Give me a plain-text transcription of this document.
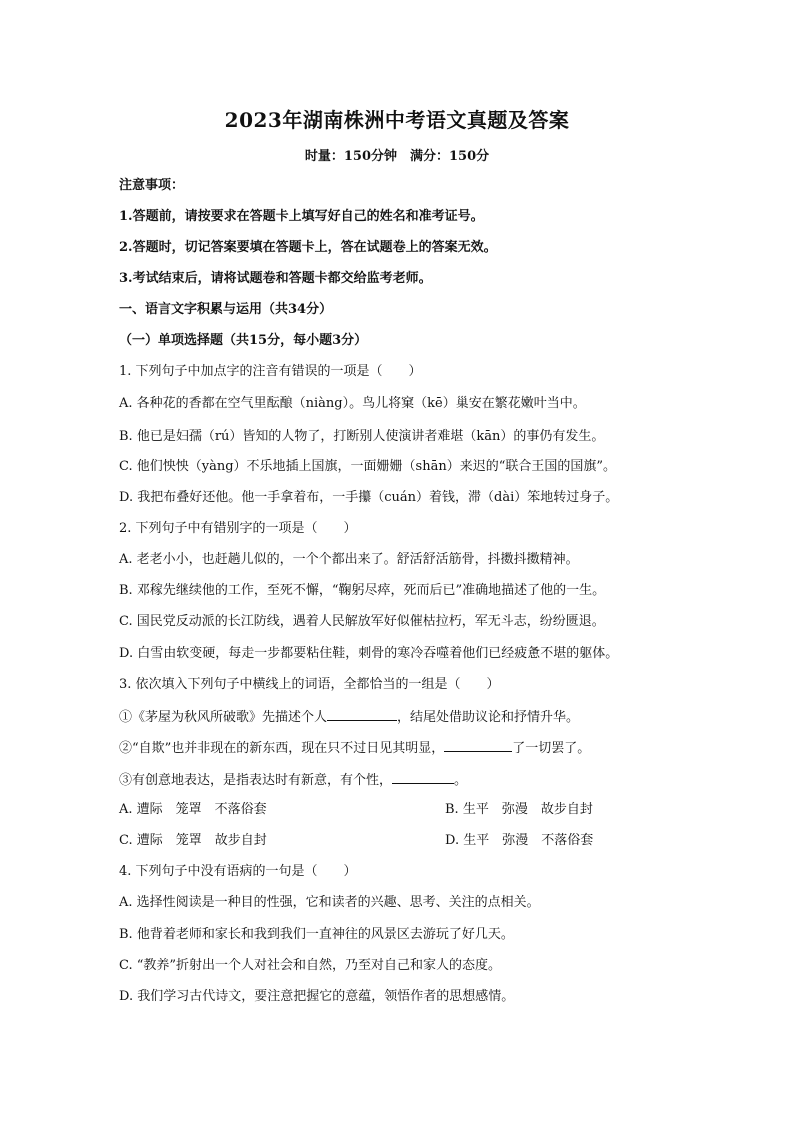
2023年湖南株洲中考语文真题及答案
时量：150分钟　满分：150分
注意事项：
1.答题前，请按要求在答题卡上填写好自己的姓名和准考证号。
2.答题时，切记答案要填在答题卡上，答在试题卷上的答案无效。
3.考试结束后，请将试题卷和答题卡都交给监考老师。
一、语言文字积累与运用（共34分）
（一）单项选择题（共15分，每小题3分）
1. 下列句子中加点字的注音有错误的一项是（　　）
A. 各种花的香都在空气里酝酿（niàng）。鸟儿将窠（kē）巢安在繁花嫩叶当中。
B. 他已是妇孺（rú）皆知的人物了，打断别人使演讲者难堪（kān）的事仍有发生。
C. 他们怏怏（yàng）不乐地插上国旗，一面姗姗（shān）来迟的“联合王国的国旗”。
D. 我把布叠好还他。他一手拿着布，一手攥（cuán）着钱，滞（dài）笨地转过身子。
2. 下列句子中有错别字的一项是（　　）
A. 老老小小，也赶趟儿似的，一个个都出来了。舒活舒活筋骨，抖擞抖擞精神。
B. 邓稼先继续他的工作，至死不懈，“鞠躬尽瘁，死而后已”准确地描述了他的一生。
C. 国民党反动派的长江防线，遇着人民解放军好似催枯拉朽，军无斗志，纷纷匮退。
D. 白雪由软变硬，每走一步都要粘住鞋，刺骨的寒冷吞噬着他们已经疲惫不堪的躯体。
3. 依次填入下列句子中横线上的词语，全都恰当的一组是（　　）
①《茅屋为秋风所破歌》先描述个人	，结尾处借助议论和抒情升华。
②“自欺”也并非现在的新东西，现在只不过日见其明显，	了一切罢了。
③有创意地表达，是指表达时有新意，有个性，	。
A. 遭际　笼罩　不落俗套	B. 生平　弥漫　故步自封
C. 遭际　笼罩　故步自封	D. 生平　弥漫　不落俗套
4. 下列句子中没有语病的一句是（　　）
A. 选择性阅读是一种目的性强，它和读者的兴趣、思考、关注的点相关。
B. 他背着老师和家长和我到我们一直神往的风景区去游玩了好几天。
C. “教养”折射出一个人对社会和自然，乃至对自己和家人的态度。
D. 我们学习古代诗文，要注意把握它的意蕴，领悟作者的思想感情。
